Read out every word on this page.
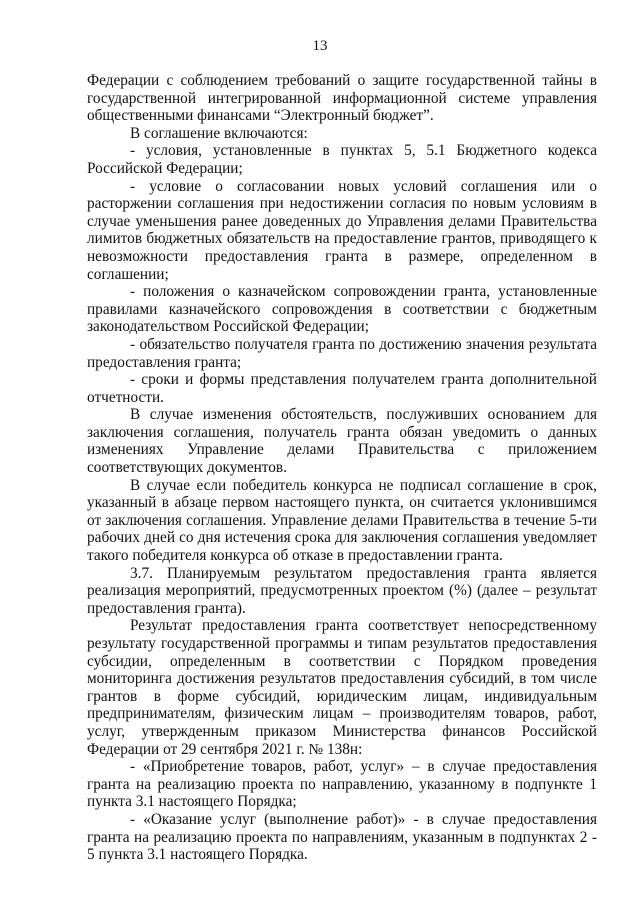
13

Федерации с соблюдением требований о защите государственной тайны в государственной интегрированной информационной системе управления общественными финансами “Электронный бюджет”.

В соглашение включаются:

- условия, установленные в пунктах 5, 5.1 Бюджетного кодекса Российской Федерации;

- условие о согласовании новых условий соглашения или о расторжении соглашения при недостижении согласия по новым условиям в случае уменьшения ранее доведенных до Управления делами Правительства лимитов бюджетных обязательств на предоставление грантов, приводящего к невозможности предоставления гранта в размере, определенном в соглашении;

- положения о казначейском сопровождении гранта, установленные правилами казначейского сопровождения в соответствии с бюджетным законодательством Российской Федерации;

- обязательство получателя гранта по достижению значения результата предоставления гранта;

- сроки и формы представления получателем гранта дополнительной отчетности.

В случае изменения обстоятельств, послуживших основанием для заключения соглашения, получатель гранта обязан уведомить о данных изменениях Управление делами Правительства с приложением соответствующих документов.

В случае если победитель конкурса не подписал соглашение в срок, указанный в абзаце первом настоящего пункта, он считается уклонившимся от заключения соглашения. Управление делами Правительства в течение 5-ти рабочих дней со дня истечения срока для заключения соглашения уведомляет такого победителя конкурса об отказе в предоставлении гранта.

3.7. Планируемым результатом предоставления гранта является реализация мероприятий, предусмотренных проектом (%) (далее – результат предоставления гранта).

Результат предоставления гранта соответствует непосредственному результату государственной программы и типам результатов предоставления субсидии, определенным в соответствии с Порядком проведения мониторинга достижения результатов предоставления субсидий, в том числе грантов в форме субсидий, юридическим лицам, индивидуальным предпринимателям, физическим лицам – производителям товаров, работ, услуг, утвержденным приказом Министерства финансов Российской Федерации от 29 сентября 2021 г. № 138н:

- «Приобретение товаров, работ, услуг» – в случае предоставления гранта на реализацию проекта по направлению, указанному в подпункте 1 пункта 3.1 настоящего Порядка;

- «Оказание услуг (выполнение работ)» - в случае предоставления гранта на реализацию проекта по направлениям, указанным в подпунктах 2 - 5 пункта 3.1 настоящего Порядка.
